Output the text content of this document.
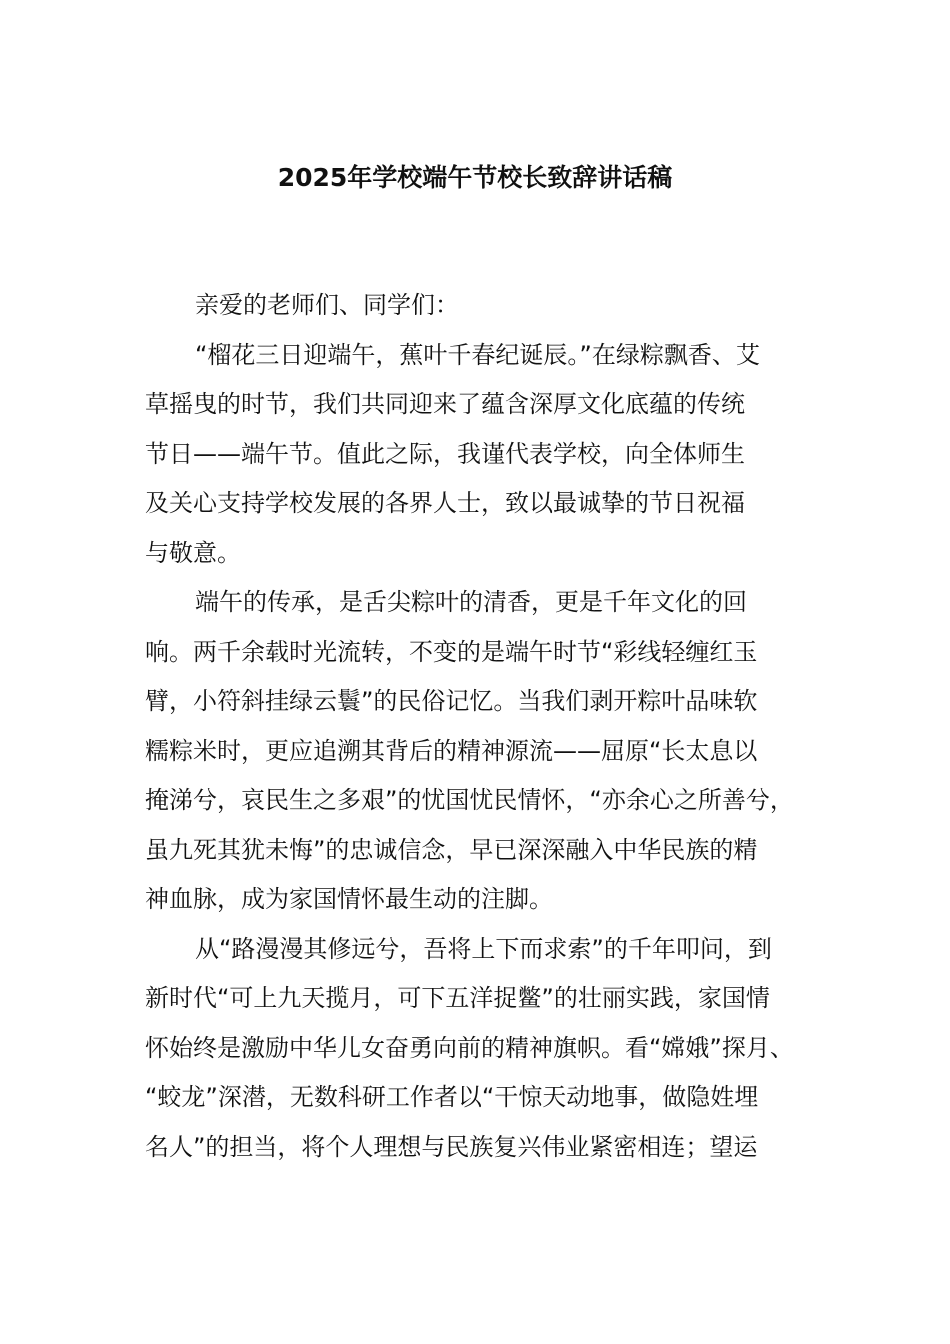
2025年学校端午节校长致辞讲话稿
亲爱的老师们、同学们：
“榴花三日迎端午，蕉叶千春纪诞辰。”在绿粽飘香、艾
草摇曳的时节，我们共同迎来了蕴含深厚文化底蕴的传统
节日——端午节。值此之际，我谨代表学校，向全体师生
及关心支持学校发展的各界人士，致以最诚挚的节日祝福
与敬意。
端午的传承，是舌尖粽叶的清香，更是千年文化的回
响。两千余载时光流转，不变的是端午时节“彩线轻缠红玉
臂，小符斜挂绿云鬟”的民俗记忆。当我们剥开粽叶品味软
糯粽米时，更应追溯其背后的精神源流——屈原“长太息以
掩涕兮，哀民生之多艰”的忧国忧民情怀，“亦余心之所善兮，
虽九死其犹未悔”的忠诚信念，早已深深融入中华民族的精
神血脉，成为家国情怀最生动的注脚。
从“路漫漫其修远兮，吾将上下而求索”的千年叩问，到
新时代“可上九天揽月，可下五洋捉鳖”的壮丽实践，家国情
怀始终是激励中华儿女奋勇向前的精神旗帜。看“嫦娥”探月、
“蛟龙”深潜，无数科研工作者以“干惊天动地事，做隐姓埋
名人”的担当，将个人理想与民族复兴伟业紧密相连；望运
